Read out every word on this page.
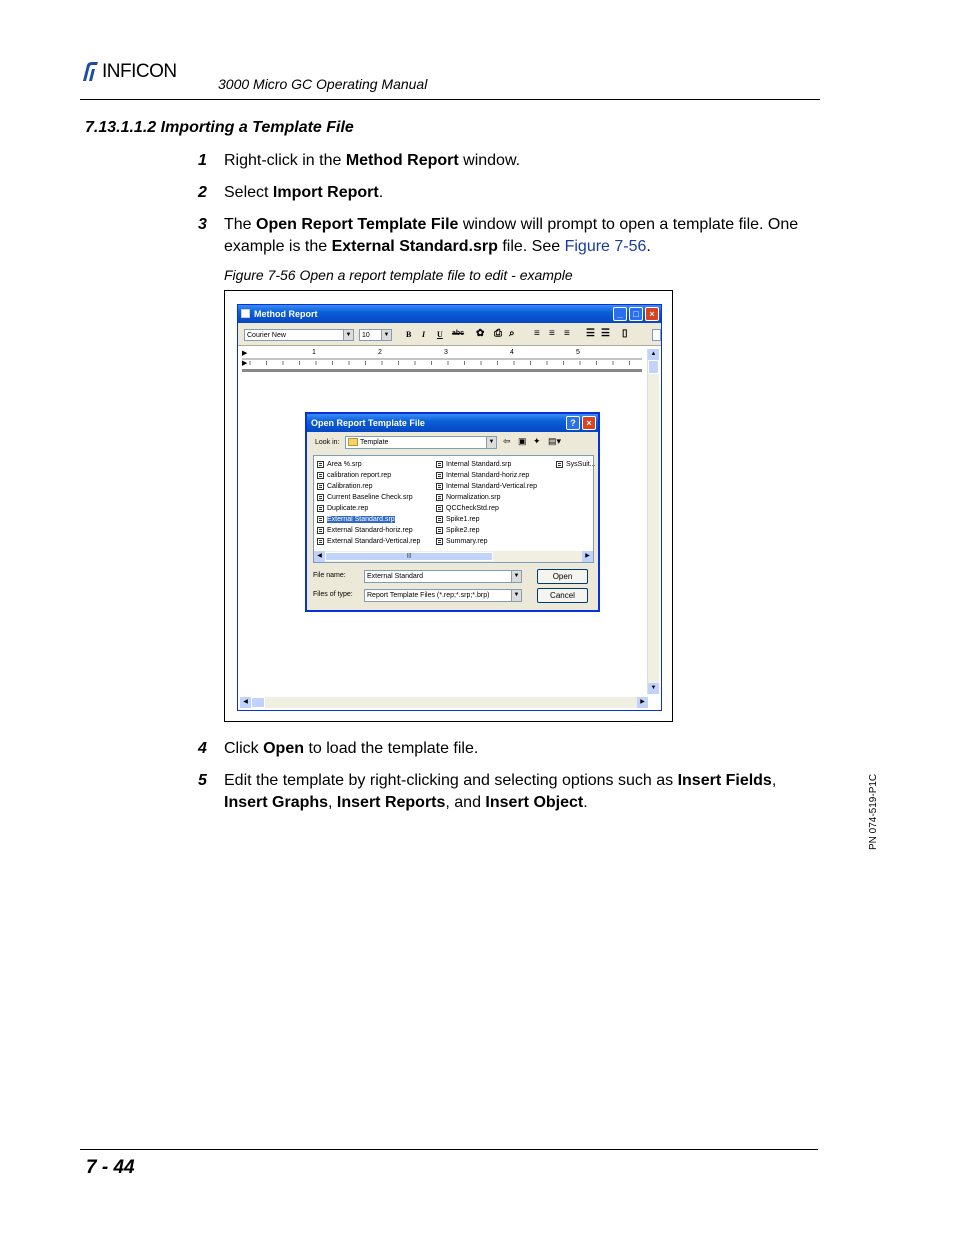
INFICON
3000 Micro GC Operating Manual
7.13.1.1.2 Importing a Template File
1 Right-click in the Method Report window.
2 Select Import Report.
3 The Open Report Template File window will prompt to open a template file. One example is the External Standard.srp file. See Figure 7-56.
Figure 7-56 Open a report template file to edit - example
Method Report	_	□	×
Courier New	▼	10	▼ B I U abc ✿ ⎙ ⌕ ≡ ≡ ≡ ☰ ☰ ▯
1	2	3	4	5
▶
▶
▲
▼
◀	▶
Open Report Template File	?	×
Look in:	Template	▼ ⇦ ▣ ✦ ▤▾
Area %.srp
calibration report.rep
Calibration.rep
Current Baseline Check.srp
Duplicate.rep
External Standard.srp
External Standard-horiz.rep
External Standard-Vertical.rep
Internal Standard.srp
Internal Standard-horiz.rep
Internal Standard-Vertical.rep
Normalization.srp
QCCheckStd.rep
Spike1.rep
Spike2.rep
Summary.rep
SysSuit...
◀	|||	▶
File name:	External Standard	▼	Open
Files of type:	Report Template Files (*.rep;*.srp;*.brp)	▼	Cancel
4 Click Open to load the template file.
5 Edit the template by right-clicking and selecting options such as Insert Fields, Insert Graphs, Insert Reports, and Insert Object.	PN 074-519-P1C
7 - 44
